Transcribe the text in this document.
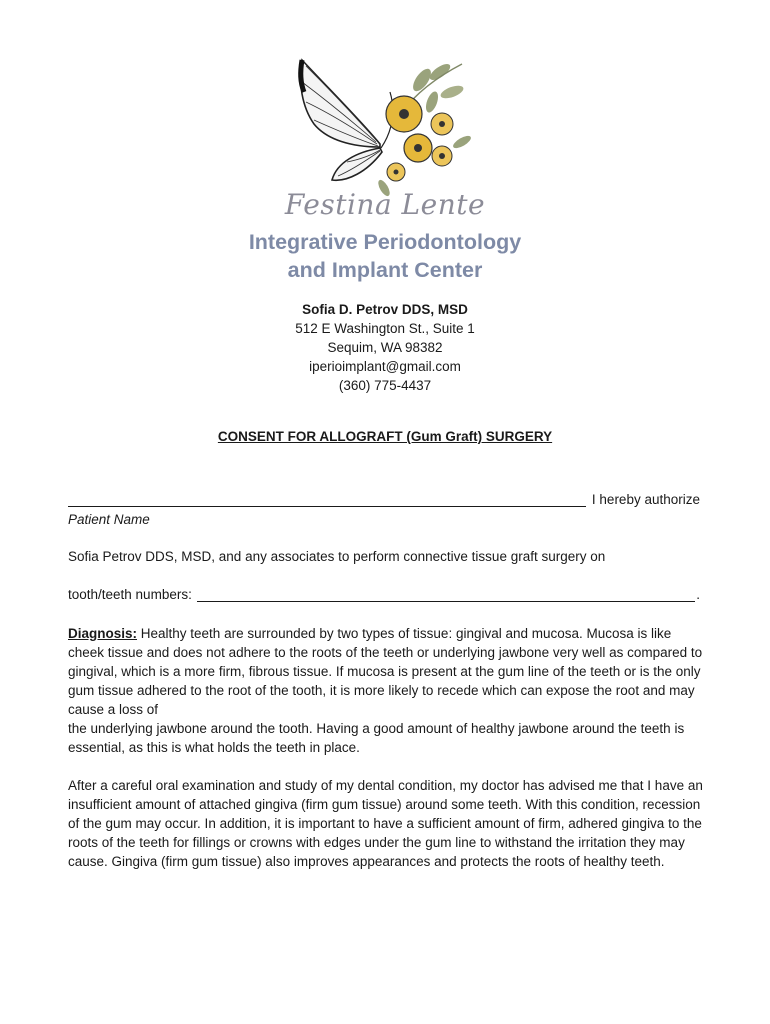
Festina Lente
Integrative Periodontology
and Implant Center
Sofia D. Petrov DDS, MSD
512 E Washington St., Suite 1
Sequim, WA 98382
iperioimplant@gmail.com
(360) 775-4437
CONSENT FOR ALLOGRAFT (Gum Graft) SURGERY
I hereby authorize
Patient Name
Sofia Petrov DDS, MSD, and any associates to perform connective tissue graft surgery on
tooth/teeth numbers:	.

Diagnosis: Healthy teeth are surrounded by two types of tissue: gingival and mucosa. Mucosa is like cheek tissue and does not adhere to the roots of the teeth or underlying jawbone very well as compared to gingival, which is a more firm, fibrous tissue. If mucosa is present at the gum line of the teeth or is the only gum tissue adhered to the root of the tooth, it is more likely to recede which can expose the root and may cause a loss of
the underlying jawbone around the tooth. Having a good amount of healthy jawbone around the teeth is essential, as this is what holds the teeth in place.

After a careful oral examination and study of my dental condition, my doctor has advised me that I have an insufficient amount of attached gingiva (firm gum tissue) around some teeth. With this condition, recession of the gum may occur. In addition, it is important to have a sufficient amount of firm, adhered gingiva to the roots of the teeth for fillings or crowns with edges under the gum line to withstand the irritation they may cause. Gingiva (firm gum tissue) also improves appearances and protects the roots of healthy teeth.
